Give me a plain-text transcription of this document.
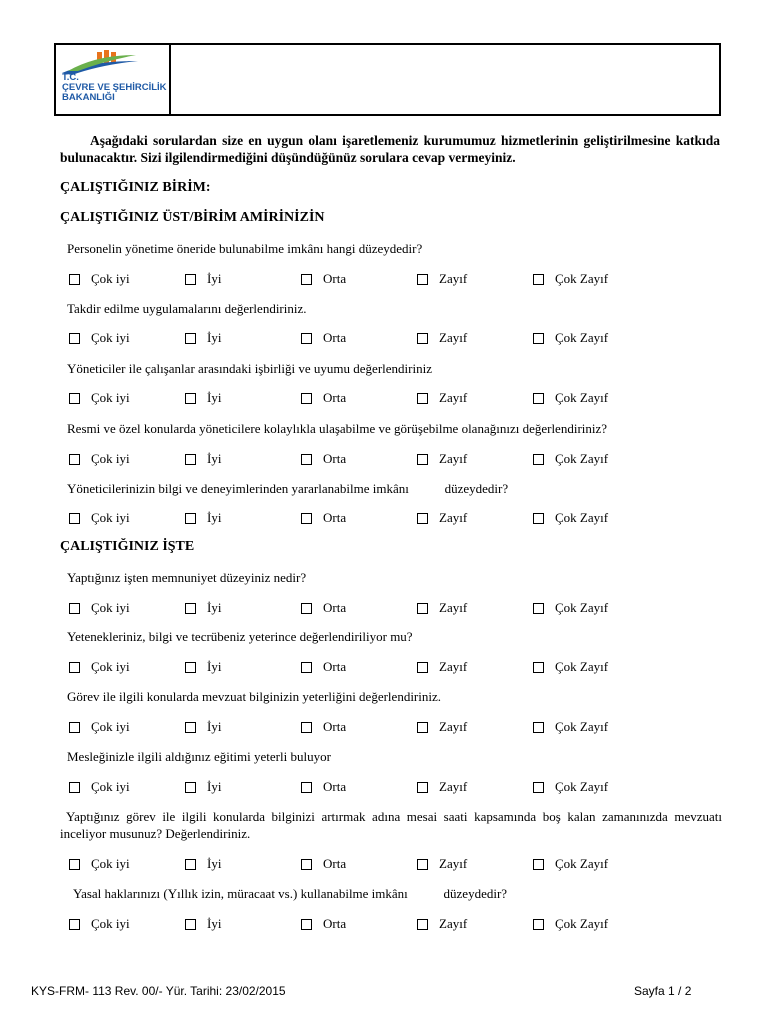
T.C.
ÇEVRE VE ŞEHİRCİLİK
BAKANLIĞI

Aşağıdaki sorulardan size en uygun olanı işaretlemeniz kurumumuz hizmetlerinin geliştirilmesine katkıda bulunacaktır. Sizi ilgilendirmediğini düşündüğünüz sorulara cevap vermeyiniz.

ÇALIŞTIĞINIZ BİRİM:

ÇALIŞTIĞINIZ ÜST/BİRİM AMİRİNİZİN

Personelin yönetime öneride bulunabilme imkânı hangi düzeydedir?

Çok iyi	İyi	Orta	Zayıf	Çok Zayıf

Takdir edilme uygulamalarını değerlendiriniz.

Çok iyi	İyi	Orta	Zayıf	Çok Zayıf

Yöneticiler ile çalışanlar arasındaki işbirliği ve uyumu değerlendiriniz

Çok iyi	İyi	Orta	Zayıf	Çok Zayıf

Resmi ve özel konularda yöneticilere kolaylıkla ulaşabilme ve görüşebilme olanağınızı değerlendiriniz?

Çok iyi	İyi	Orta	Zayıf	Çok Zayıf

Yöneticilerinizin bilgi ve deneyimlerinden yararlanabilme imkânı           düzeydedir?

Çok iyi	İyi	Orta	Zayıf	Çok Zayıf

ÇALIŞTIĞINIZ İŞTE

Yaptığınız işten memnuniyet düzeyiniz nedir?

Çok iyi	İyi	Orta	Zayıf	Çok Zayıf

Yetenekleriniz, bilgi ve tecrübeniz yeterince değerlendiriliyor mu?

Çok iyi	İyi	Orta	Zayıf	Çok Zayıf

Görev ile ilgili konularda mevzuat bilginizin yeterliğini değerlendiriniz.

Çok iyi	İyi	Orta	Zayıf	Çok Zayıf

Mesleğinizle ilgili aldığınız eğitimi yeterli buluyor

Çok iyi	İyi	Orta	Zayıf	Çok Zayıf

Yaptığınız görev ile ilgili konularda bilginizi artırmak adına mesai saati kapsamında boş kalan zamanınızda mevzuatı inceliyor musunuz? Değerlendiriniz.

Çok iyi	İyi	Orta	Zayıf	Çok Zayıf

Yasal haklarınızı (Yıllık izin, müracaat vs.) kullanabilme imkânı           düzeydedir?

Çok iyi	İyi	Orta	Zayıf	Çok Zayıf
KYS-FRM- 113 Rev. 00/- Yür. Tarihi: 23/02/2015	Sayfa 1 / 2
